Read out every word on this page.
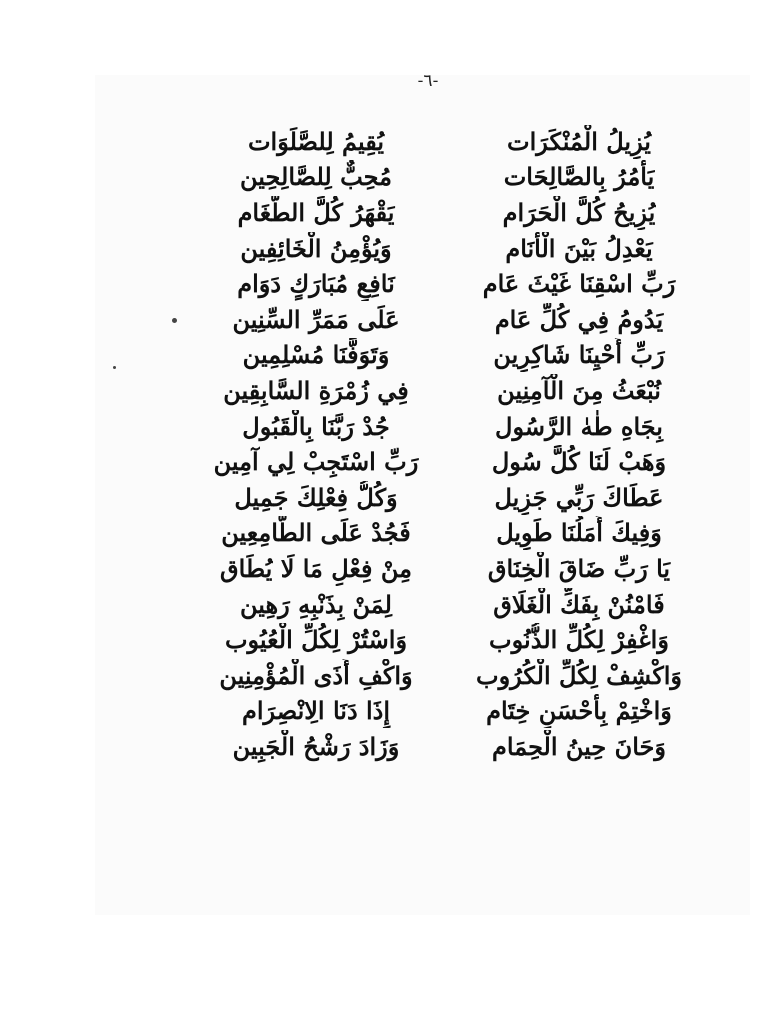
-٦-
يُزِيلُ الْمُنْكَرَات
يُقِيمُ لِلصَّلَوَات
يَأْمُرُ بِالصَّالِحَات
مُحِبٌّ لِلصَّالِحِين
يُزِيحُ كُلَّ الْحَرَام
يَقْهَرُ كُلَّ الطَّغَام
يَعْدِلُ بَيْنَ الْأَنَام
وَيُؤْمِنُ الْخَائِفِين
رَبِّ اسْقِنَا غَيْثَ عَام
نَافِعٍ مُبَارَكٍ دَوَام
يَدُومُ فِي كُلِّ عَام
عَلَى مَمَرِّ السِّنِين
رَبِّ أَحْيِنَا شَاكِرِين
وَتَوَفَّنَا مُسْلِمِين
نُبْعَثُ مِنَ الْآمِنِين
فِي زُمْرَةِ السَّابِقِين
بِجَاهِ طٰهٰ الرَّسُول
جُدْ رَبَّنَا بِالْقَبُول
وَهَبْ لَنَا كُلَّ سُول
رَبِّ اسْتَجِبْ لِي آمِين
عَطَاكَ رَبِّي جَزِيل
وَكُلُّ فِعْلِكَ جَمِيل
وَفِيكَ أَمَلُنَا طَوِيل
فَجُدْ عَلَى الطَّامِعِين
يَا رَبِّ ضَاقَ الْخِنَاق
مِنْ فِعْلِ مَا لَا يُطَاق
فَامْنُنْ بِفَكِّ الْغَلَاق
لِمَنْ بِذَنْبِهِ رَهِين
وَاغْفِرْ لِكُلِّ الذُّنُوب
وَاسْتُرْ لِكُلِّ الْعُيُوب
وَاكْشِفْ لِكُلِّ الْكُرُوب
وَاكْفِ أَذَى الْمُؤْمِنِين
وَاخْتِمْ بِأَحْسَنِ خِتَام
إِذَا دَنَا الِانْصِرَام
وَحَانَ حِينُ الْحِمَام
وَزَادَ رَشْحُ الْجَبِين
